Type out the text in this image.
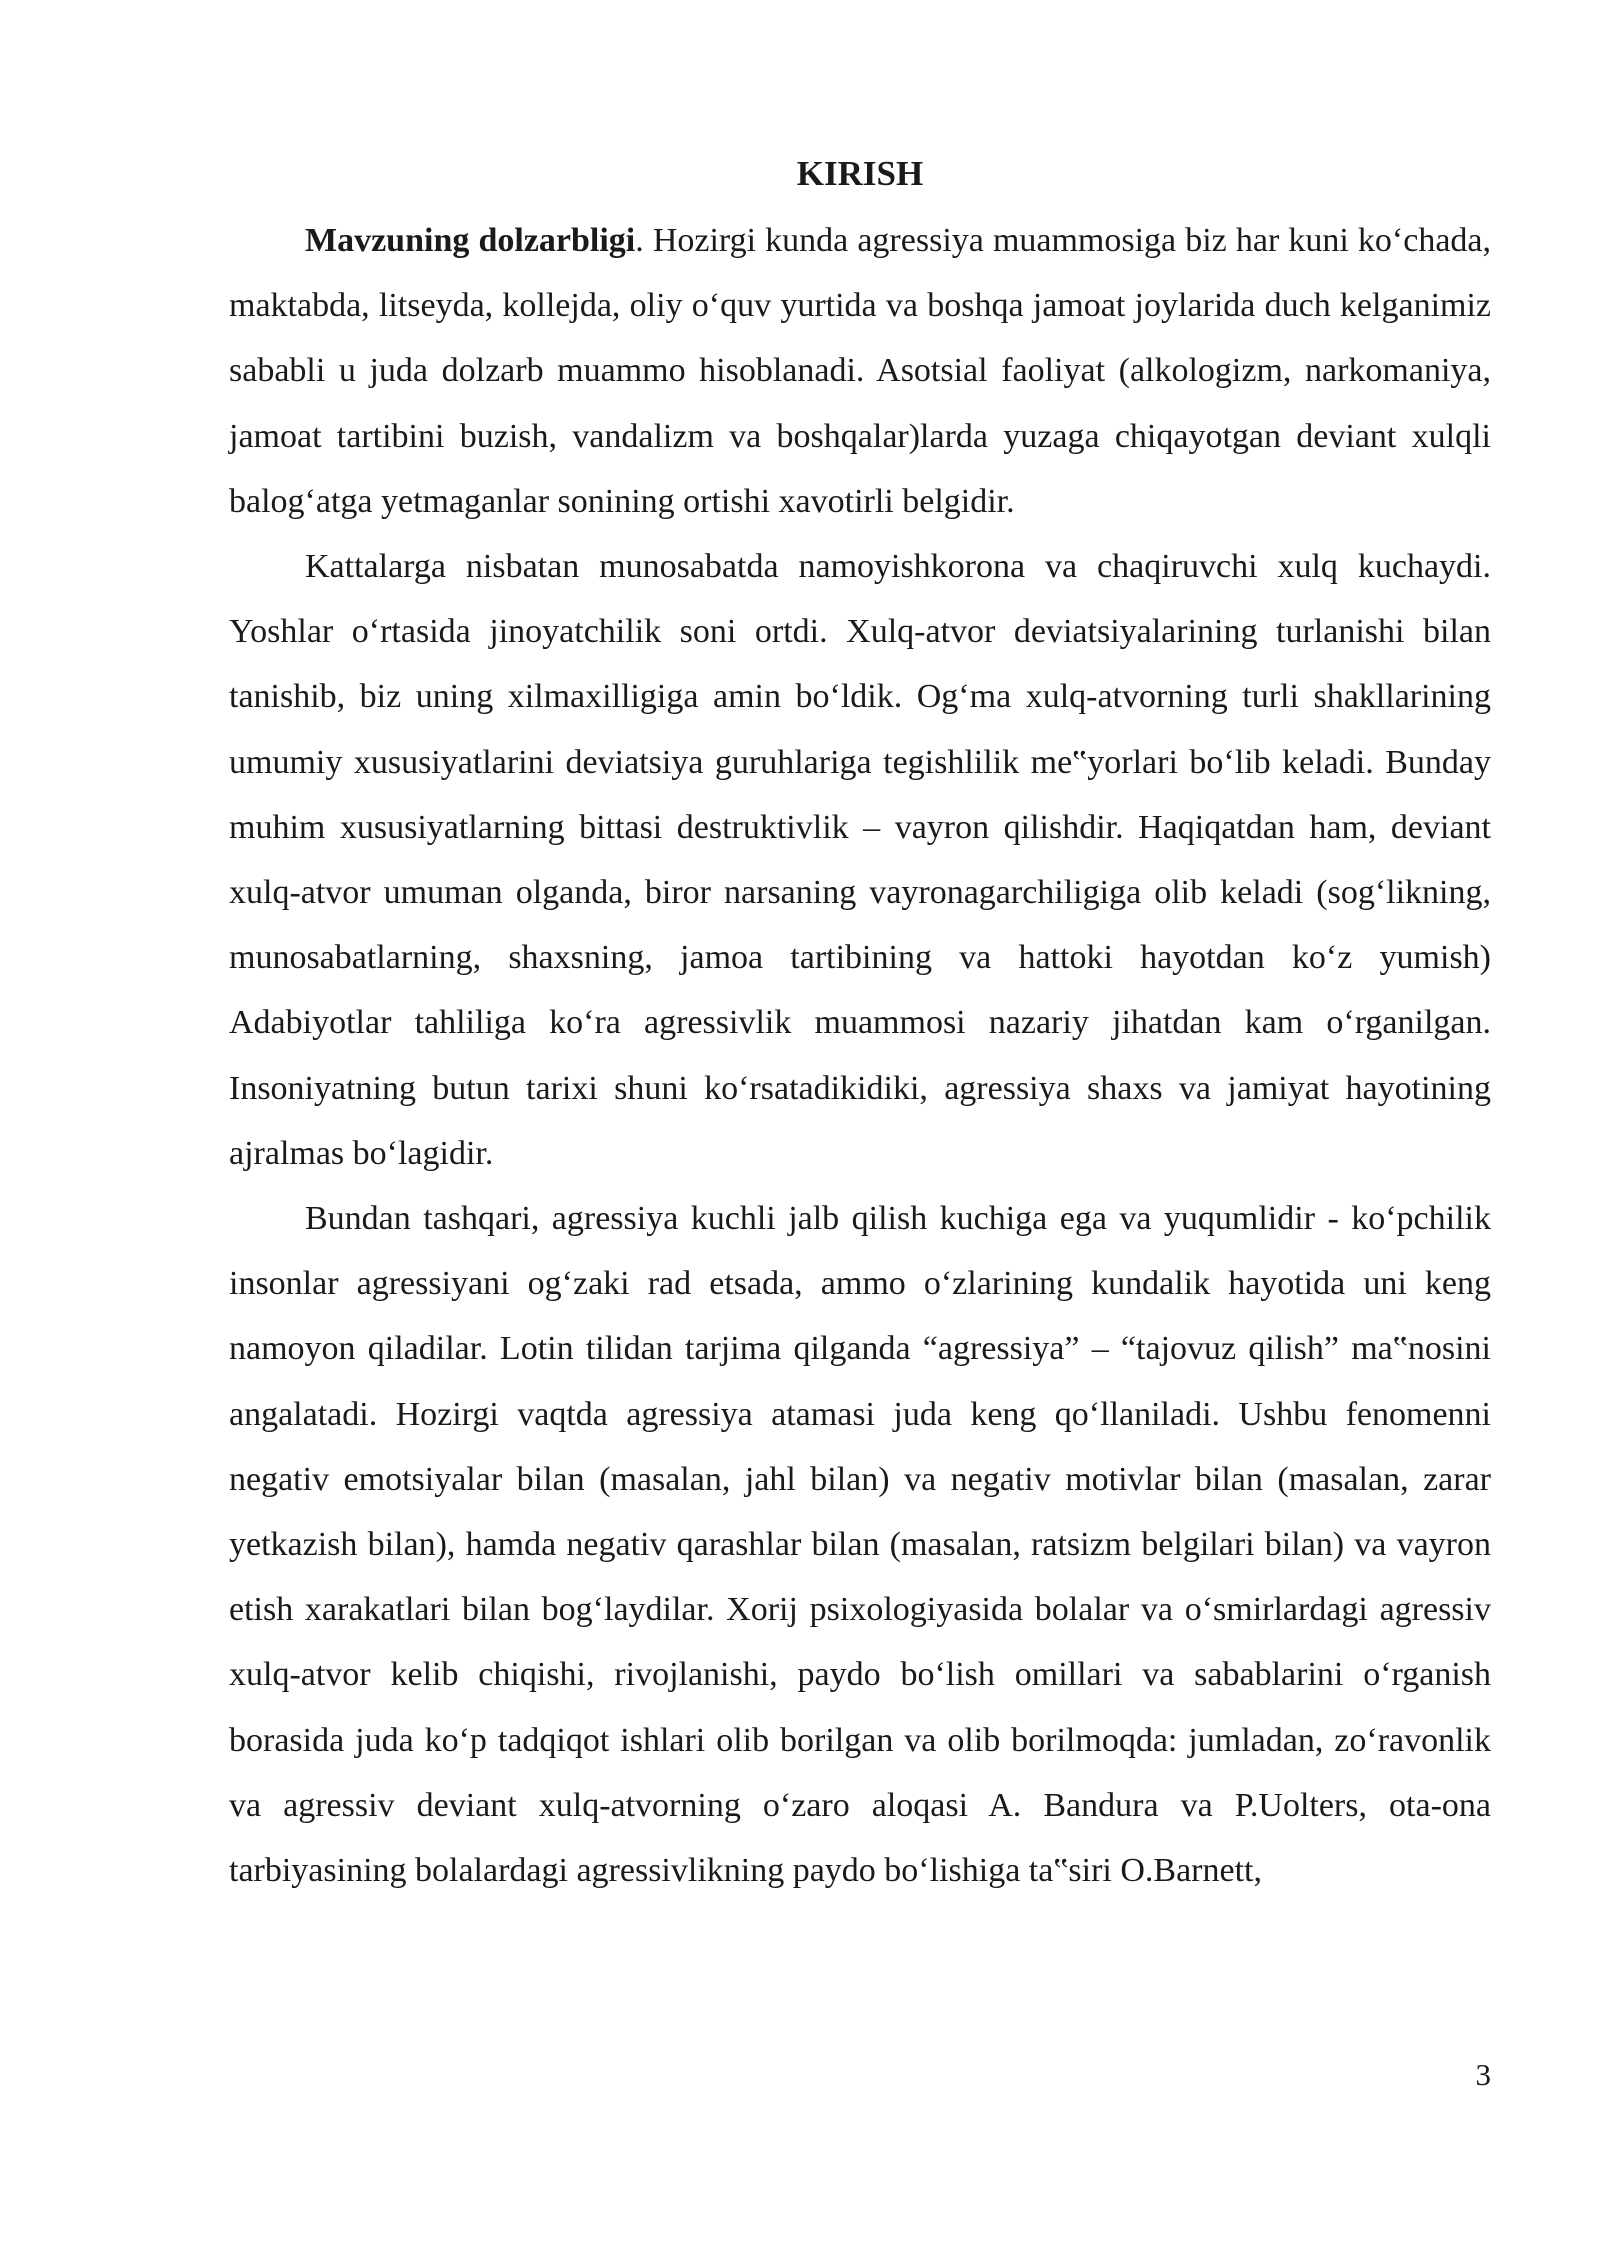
KIRISH

Mavzuning dolzarbligi. Hozirgi kunda agressiya muammosiga biz har kuni koʻchada, maktabda, litseyda, kollejda, oliy oʻquv yurtida va boshqa jamoat joylarida duch kelganimiz sababli u juda dolzarb muammo hisoblanadi. Asotsial faoliyat (alkologizm, narkomaniya, jamoat tartibini buzish, vandalizm va boshqalar)larda yuzaga chiqayotgan deviant xulqli balogʻatga yetmaganlar sonining ortishi xavotirli belgidir.

Kattalarga nisbatan munosabatda namoyishkorona va chaqiruvchi xulq kuchaydi. Yoshlar oʻrtasida jinoyatchilik soni ortdi. Xulq-atvor deviatsiyalarining turlanishi bilan tanishib, biz uning xilmaxilligiga amin boʻldik. Ogʻma xulq-atvorning turli shakllarining umumiy xususiyatlarini deviatsiya guruhlariga tegishlilik me‟yorlari boʻlib keladi. Bunday muhim xususiyatlarning bittasi destruktivlik – vayron qilishdir. Haqiqatdan ham, deviant xulq-atvor umuman olganda, biror narsaning vayronagarchiligiga olib keladi (sogʻlikning, munosabatlarning, shaxsning, jamoa tartibining va hattoki hayotdan koʻz yumish) Adabiyotlar tahliliga koʻra agressivlik muammosi nazariy jihatdan kam oʻrganilgan. Insoniyatning butun tarixi shuni koʻrsatadikidiki, agressiya shaxs va jamiyat hayotining ajralmas boʻlagidir.

Bundan tashqari, agressiya kuchli jalb qilish kuchiga ega va yuqumlidir - koʻpchilik insonlar agressiyani ogʻzaki rad etsada, ammo oʻzlarining kundalik hayotida uni keng namoyon qiladilar. Lotin tilidan tarjima qilganda “agressiya” – “tajovuz qilish” ma‟nosini angalatadi. Hozirgi vaqtda agressiya atamasi juda keng qoʻllaniladi. Ushbu fenomenni negativ emotsiyalar bilan (masalan, jahl bilan) va negativ motivlar bilan (masalan, zarar yetkazish bilan), hamda negativ qarashlar bilan (masalan, ratsizm belgilari bilan) va vayron etish xarakatlari bilan bogʻlaydilar. Xorij psixologiyasida bolalar va oʻsmirlardagi agressiv xulq-atvor kelib chiqishi, rivojlanishi, paydo boʻlish omillari va sabablarini oʻrganish borasida juda koʻp tadqiqot ishlari olib borilgan va olib borilmoqda: jumladan, zoʻravonlik va agressiv deviant xulq-atvorning oʻzaro aloqasi A. Bandura va P.Uolters, ota-ona tarbiyasining bolalardagi agressivlikning paydo boʻlishiga ta‟siri O.Barnett,

3
